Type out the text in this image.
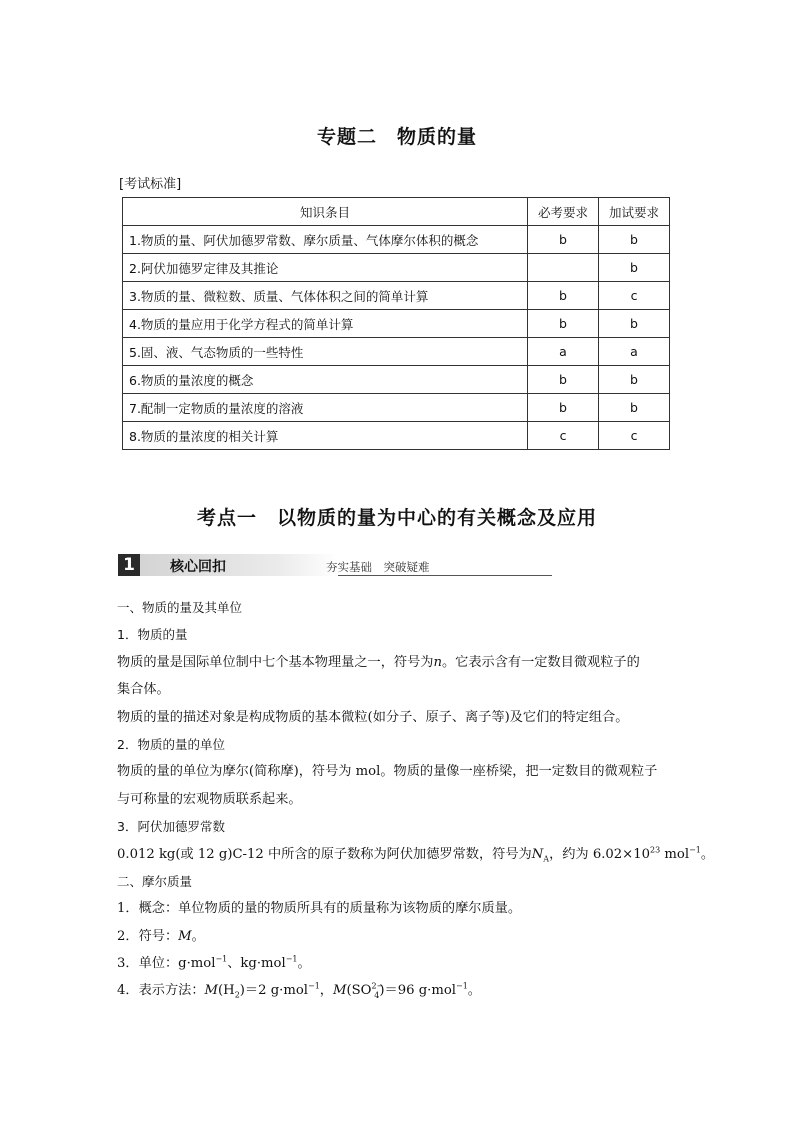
专题二　物质的量
[考试标准]
知识条目	必考要求	加试要求
1.物质的量、阿伏加德罗常数、摩尔质量、气体摩尔体积的概念	b	b
2.阿伏加德罗定律及其推论		b
3.物质的量、微粒数、质量、气体体积之间的简单计算	b	c
4.物质的量应用于化学方程式的简单计算	b	b
5.固、液、气态物质的一些特性	a	a
6.物质的量浓度的概念	b	b
7.配制一定物质的量浓度的溶液	b	b
8.物质的量浓度的相关计算	c	c
考点一　以物质的量为中心的有关概念及应用
1	核心回扣	夯实基础　突破疑难
一、物质的量及其单位
1．物质的量
物质的量是国际单位制中七个基本物理量之一，符号为n。它表示含有一定数目微观粒子的
集合体。
物质的量的描述对象是构成物质的基本微粒(如分子、原子、离子等)及它们的特定组合。
2．物质的量的单位
物质的量的单位为摩尔(简称摩)，符号为 mol。物质的量像一座桥梁，把一定数目的微观粒子
与可称量的宏观物质联系起来。
3．阿伏加德罗常数
0.012 kg(或 12 g)C-12 中所含的原子数称为阿伏加德罗常数，符号为$N_A$，约为 $6.02\times 10^{23}$ mol$^{-1}$。
二、摩尔质量
1．概念：单位物质的量的物质所具有的质量称为该物质的摩尔质量。
2．符号：M。
3．单位：g·mol$^{-1}$、kg·mol$^{-1}$。
4．表示方法：$M(H_2)=2$ g·mol$^{-1}$，$M(SO^{2-}_4)=96$ g·mol$^{-1}$。
